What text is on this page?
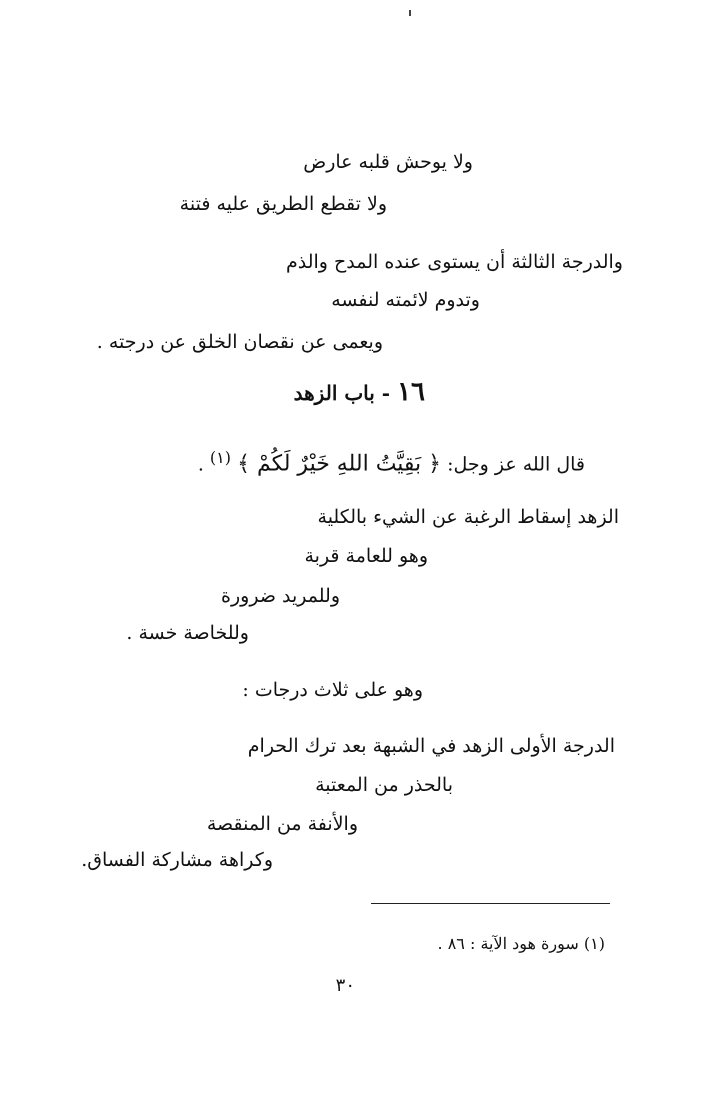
ولا يوحش قلبه عارض
ولا تقطع الطريق عليه فتنة
والدرجة الثالثة أن يستوى عنده المدح والذم
وتدوم لائمته لنفسه
ويعمى عن نقصان الخلق عن درجته .
١٦ - باب الزهد
قال الله عز وجل: ﴿ بَقِيَّتُ اللهِ خَيْرٌ لَكُمْ ﴾ $^{(١)}$ .
الزهد إسقاط الرغبة عن الشيء بالكلية
وهو للعامة قربة
وللمريد ضرورة
وللخاصة خسة .
وهو على ثلاث درجات :
الدرجة الأولى الزهد في الشبهة بعد ترك الحرام
بالحذر من المعتبة
والأنفة من المنقصة
وكراهة مشاركة الفساق.
(١) سورة هود الآية : ٨٦ .
٣٠
